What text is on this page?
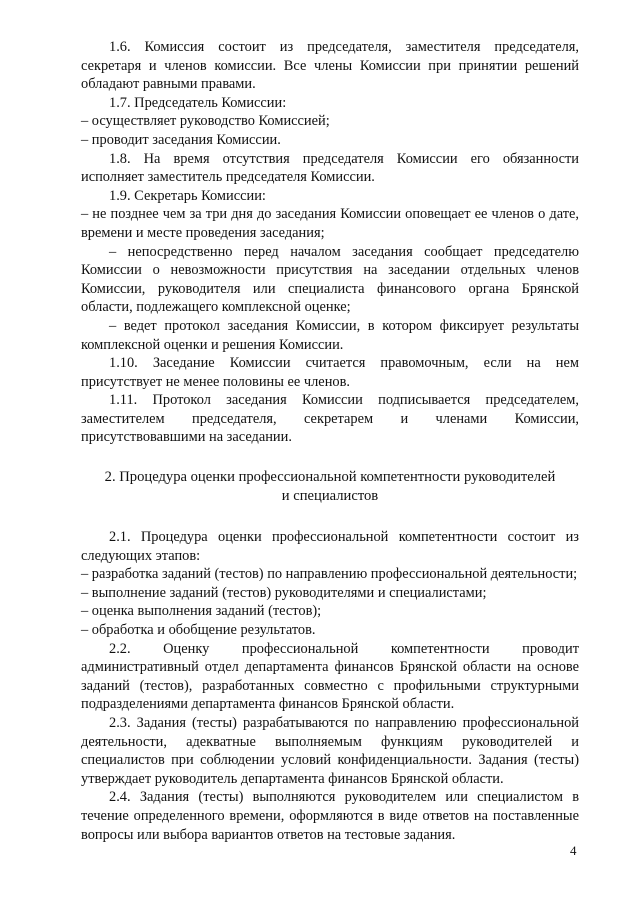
1.6. Комиссия состоит из председателя, заместителя председателя, секретаря и членов комиссии. Все члены Комиссии при принятии решений обладают равными правами.

1.7. Председатель Комиссии:

– осуществляет руководство Комиссией;

– проводит заседания Комиссии.

1.8. На время отсутствия председателя Комиссии его обязанности исполняет заместитель председателя Комиссии.

1.9. Секретарь Комиссии:

– не позднее чем за три дня до заседания Комиссии оповещает ее членов о дате, времени и месте проведения заседания;

– непосредственно перед началом заседания сообщает председателю Комиссии о невозможности присутствия на заседании отдельных членов Комиссии, руководителя или специалиста финансового органа Брянской области, подлежащего комплексной оценке;

– ведет протокол заседания Комиссии, в котором фиксирует результаты комплексной оценки и решения Комиссии.

1.10. Заседание Комиссии считается правомочным, если на нем присутствует не менее половины ее членов.

1.11. Протокол заседания Комиссии подписывается председателем, заместителем председателя, секретарем и членами Комиссии, присутствовавшими на заседании.

2. Процедура оценки профессиональной компетентности руководителей и специалистов

2.1. Процедура оценки профессиональной компетентности состоит из следующих этапов:

– разработка заданий (тестов) по направлению профессиональной деятельности;

– выполнение заданий (тестов) руководителями и специалистами;

– оценка выполнения заданий (тестов);

– обработка и обобщение результатов.

2.2. Оценку профессиональной компетентности проводит административный отдел департамента финансов Брянской области на основе заданий (тестов), разработанных совместно с профильными структурными подразделениями департамента финансов Брянской области.

2.3. Задания (тесты) разрабатываются по направлению профессиональной деятельности, адекватные выполняемым функциям руководителей и специалистов при соблюдении условий конфиденциальности. Задания (тесты) утверждает руководитель департамента финансов Брянской области.

2.4. Задания (тесты) выполняются руководителем или специалистом в течение определенного времени, оформляются в виде ответов на поставленные вопросы или выбора вариантов ответов на тестовые задания.

4
